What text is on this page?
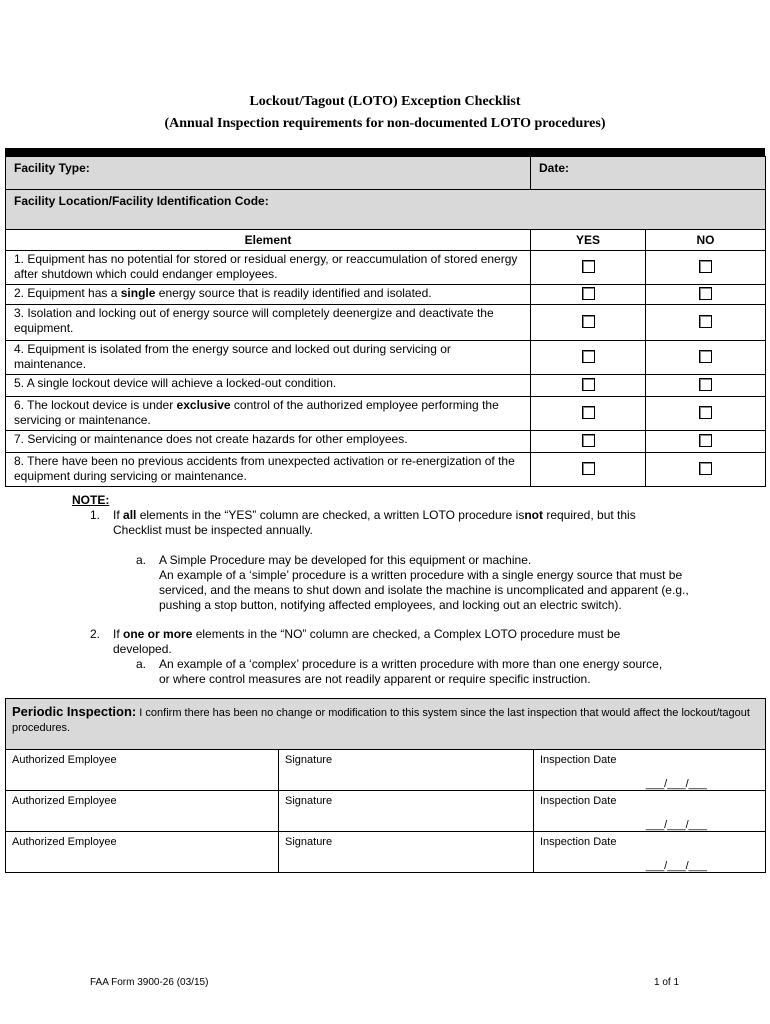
Lockout/Tagout (LOTO) Exception Checklist
(Annual Inspection requirements for non-documented LOTO procedures)
Facility Type:	Date:	
Facility Location/Facility Identification Code:		
Element	YES	NO
1. Equipment has no potential for stored or residual energy, or reaccumulation of stored energy after shutdown which could endanger employees.		
2. Equipment has a single energy source that is readily identified and isolated.		
3. Isolation and locking out of energy source will completely deenergize and deactivate the equipment.		
4. Equipment is isolated from the energy source and locked out during servicing or maintenance.		
5. A single lockout device will achieve a locked-out condition.		
6. The lockout device is under exclusive control of the authorized employee performing the servicing or maintenance.		
7. Servicing or maintenance does not create hazards for other employees.		
8. There have been no previous accidents from unexpected activation or re-energization of the equipment during servicing or maintenance.		
NOTE:
1. If all elements in the “YES” column are checked, a written LOTO procedure isnot required, but this Checklist must be inspected annually.
a. A Simple Procedure may be developed for this equipment or machine.
An example of a ‘simple’ procedure is a written procedure with a single energy source that must be serviced, and the means to shut down and isolate the machine is uncomplicated and apparent (e.g., pushing a stop button, notifying affected employees, and locking out an electric switch).
2. If one or more elements in the “NO” column are checked, a Complex LOTO procedure must be developed.
a. An example of a ‘complex’ procedure is a written procedure with more than one energy source, or where control measures are not readily apparent or require specific instruction.
Periodic Inspection: I confirm there has been no change or modification to this system since the last inspection that would affect the lockout/tagout procedures.		
Authorized Employee	Signature	Inspection Date
___/___/___

Authorized Employee	Signature	Inspection Date
___/___/___

Authorized Employee	Signature	Inspection Date
___/___/___
FAA Form 3900-26 (03/15)	1 of 1
